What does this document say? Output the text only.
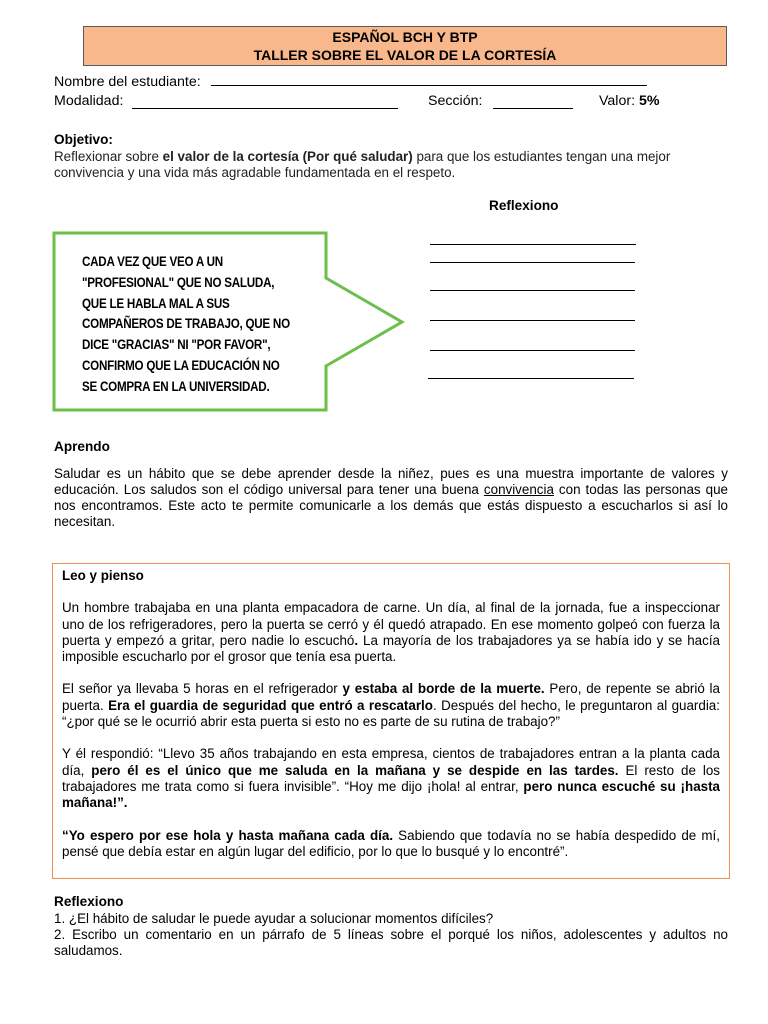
ESPAÑOL BCH Y BTP
TALLER SOBRE EL VALOR DE LA CORTESÍA
Nombre del estudiante:
Modalidad:	Sección:	Valor: 5%
Objetivo:
Reflexionar sobre el valor de la cortesía (Por qué saludar) para que los estudiantes tengan una mejor convivencia y una vida más agradable fundamentada en el respeto.
Reflexiono
CADA VEZ QUE VEO A UN
"PROFESIONAL" QUE NO SALUDA,
QUE LE HABLA MAL A SUS
COMPAÑEROS DE TRABAJO, QUE NO
DICE "GRACIAS" NI "POR FAVOR",
CONFIRMO QUE LA EDUCACIÓN NO
SE COMPRA EN LA UNIVERSIDAD.
Aprendo
Saludar es un hábito que se debe aprender desde la niñez, pues es una muestra importante de valores y educación. Los saludos son el código universal para tener una buena convivencia con todas las personas que nos encontramos. Este acto te permite comunicarle a los demás que estás dispuesto a escucharlos si así lo necesitan.

Leo y pienso

Un hombre trabajaba en una planta empacadora de carne. Un día, al final de la jornada, fue a inspeccionar uno de los refrigeradores, pero la puerta se cerró y él quedó atrapado. En ese momento golpeó con fuerza la puerta y empezó a gritar, pero nadie lo escuchó. La mayoría de los trabajadores ya se había ido y se hacía imposible escucharlo por el grosor que tenía esa puerta.

El señor ya llevaba 5 horas en el refrigerador y estaba al borde de la muerte. Pero, de repente se abrió la puerta. Era el guardia de seguridad que entró a rescatarlo. Después del hecho, le preguntaron al guardia: “¿por qué se le ocurrió abrir esta puerta si esto no es parte de su rutina de trabajo?”

Y él respondió: “Llevo 35 años trabajando en esta empresa, cientos de trabajadores entran a la planta cada día, pero él es el único que me saluda en la mañana y se despide en las tardes. El resto de los trabajadores me trata como si fuera invisible”. “Hoy me dijo ¡hola! al entrar, pero nunca escuché su ¡hasta mañana!”.

“Yo espero por ese hola y hasta mañana cada día. Sabiendo que todavía no se había despedido de mí, pensé que debía estar en algún lugar del edificio, por lo que lo busqué y lo encontré”.

Reflexiono
1. ¿El hábito de saludar le puede ayudar a solucionar momentos difíciles?
2. Escribo un comentario en un párrafo de 5 líneas sobre el porqué los niños, adolescentes y adultos no saludamos.
